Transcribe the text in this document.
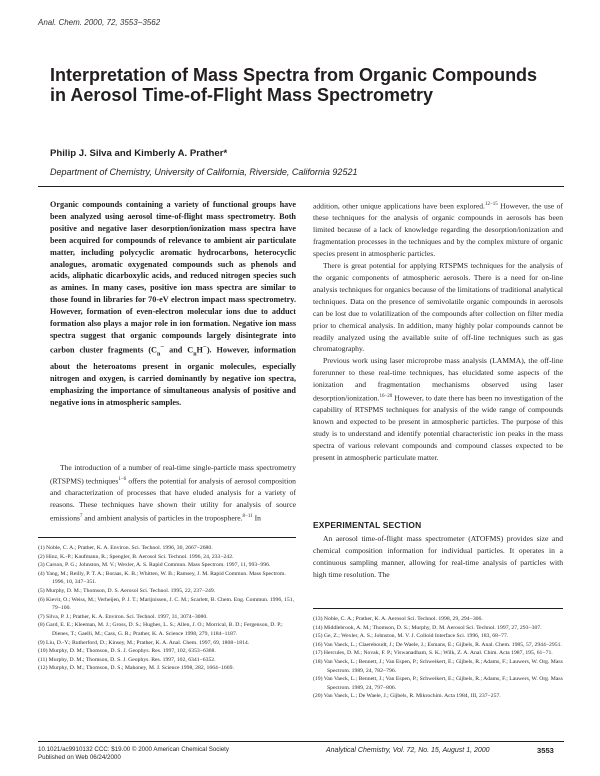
Anal. Chem. 2000, 72, 3553−3562
Interpretation of Mass Spectra from Organic Compounds in Aerosol Time-of-Flight Mass Spectrometry
Philip J. Silva and Kimberly A. Prather*
Department of Chemistry, University of California, Riverside, California 92521
Organic compounds containing a variety of functional groups have been analyzed using aerosol time-of-flight mass spectrometry. Both positive and negative laser desorption/ionization mass spectra have been acquired for compounds of relevance to ambient air particulate matter, including polycyclic aromatic hydrocarbons, heterocyclic analogues, aromatic oxygenated compounds such as phenols and acids, aliphatic dicarboxylic acids, and reduced nitrogen species such as amines. In many cases, positive ion mass spectra are similar to those found in libraries for 70-eV electron impact mass spectrometry. However, formation of even-electron molecular ions due to adduct formation also plays a major role in ion formation. Negative ion mass spectra suggest that organic compounds largely disintegrate into carbon cluster fragments ($C_n^-$ and $C_nH^-$). However, information about the heteroatoms present in organic molecules, especially nitrogen and oxygen, is carried dominantly by negative ion spectra, emphasizing the importance of simultaneous analysis of positive and negative ions in atmospheric samples.
The introduction of a number of real-time single-particle mass spectrometry (RTSPMS) techniques$^{1-6}$ offers the potential for analysis of aerosol composition and characterization of processes that have eluded analysis for a variety of reasons. These techniques have shown their utility for analysis of source emissions$^7$ and ambient analysis of particles in the troposphere.$^{8-11}$ In
(1) Noble, C. A.; Prather, K. A. Environ. Sci. Technol. 1996, 30, 2667−2680.
(2) Hinz, K.-P.; Kaufmann, R.; Spengler, B. Aerosol Sci. Technol. 1996, 24, 233−242.
(3) Carson, P. G.; Johnston, M. V.; Wexler, A. S. Rapid Commun. Mass Spectrom. 1997, 11, 993−996.
(4) Yang, M.; Reilly, P. T. A.; Boraas, K. B.; Whitten, W. B.; Ramsey, J. M. Rapid Commun. Mass Spectrom. 1996, 10, 347−351.
(5) Murphy, D. M.; Thomson, D. S. Aerosol Sci. Technol. 1995, 22, 237−249.
(6) Kievit, O.; Weiss, M.; Verheijen, P. J. T.; Marijnissen, J. C. M.; Scarlett, B. Chem. Eng. Commun. 1996, 151, 79−100.
(7) Silva, P. J.; Prather, K. A. Environ. Sci. Technol. 1997, 31, 3074−3080.
(8) Gard, E. E.; Kleeman, M. J.; Gross, D. S.; Hughes, L. S.; Allen, J. O.; Morrical, B. D.; Fergenson, D. P.; Dienes, T.; Gaelli, M.; Cass, G. R.; Prather, K. A. Science 1998, 279, 1184−1187.
(9) Liu, D.-Y.; Rutherford, D.; Kinsey, M.; Prather, K. A. Anal. Chem. 1997, 69, 1808−1814.
(10) Murphy, D. M.; Thomson, D. S. J. Geophys. Res. 1997, 102, 6353−6368.
(11) Murphy, D. M.; Thomson, D. S. J. Geophys. Res. 1997, 102, 6341−6352.
(12) Murphy, D. M.; Thomson, D. S.; Mahoney, M. J. Science 1998, 282, 1664−1669.

addition, other unique applications have been explored.$^{12-15}$ However, the use of these techniques for the analysis of organic compounds in aerosols has been limited because of a lack of knowledge regarding the desorption/ionization and fragmentation processes in the techniques and by the complex mixture of organic species present in atmospheric particles.

There is great potential for applying RTSPMS techniques for the analysis of the organic components of atmospheric aerosols. There is a need for on-line analysis techniques for organics because of the limitations of traditional analytical techniques. Data on the presence of semivolatile organic compounds in aerosols can be lost due to volatilization of the compounds after collection on filter media prior to chemical analysis. In addition, many highly polar compounds cannot be readily analyzed using the available suite of off-line techniques such as gas chromatography.

Previous work using laser microprobe mass analysis (LAMMA), the off-line forerunner to these real-time techniques, has elucidated some aspects of the ionization and fragmentation mechanisms observed using laser desorption/ionization.$^{16-20}$ However, to date there has been no investigation of the capability of RTSPMS techniques for analysis of the wide range of compounds known and expected to be present in atmospheric particles. The purpose of this study is to understand and identify potential characteristic ion peaks in the mass spectra of various relevant compounds and compound classes expected to be present in atmospheric particulate matter.

EXPERIMENTAL SECTION
An aerosol time-of-flight mass spectrometer (ATOFMS) provides size and chemical composition information for individual particles. It operates in a continuous sampling manner, allowing for real-time analysis of particles with high time resolution. The
(13) Noble, C. A.; Prather, K. A. Aerosol Sci. Technol. 1998, 29, 294−306.
(14) Middlebrook, A. M.; Thomson, D. S.; Murphy, D. M. Aerosol Sci. Technol. 1997, 27, 293−307.
(15) Ge, Z.; Wexler, A. S.; Johnston, M. V. J. Colloid Interface Sci. 1996, 183, 68−77.
(16) Van Vaeck, L.; Claereboudt, J.; De Waele, J.; Esmans, E.; Gijbels, R. Anal. Chem. 1985, 57, 2944−2951.
(17) Hercules, D. M.; Novak, F. P.; Viswanadham, S. K.; Wilk, Z. A. Anal. Chim. Acta 1987, 195, 61−71.
(18) Van Vaeck, L.; Bennett, J.; Van Espen, P.; Schweikert, E.; Gijbels, R.; Adams, F.; Lauwers, W. Org. Mass Spectrom. 1989, 24, 782−796.
(19) Van Vaeck, L.; Bennett, J.; Van Espen, P.; Schweikert, E.; Gijbels, R.; Adams, F.; Lauwers, W. Org. Mass Spectrom. 1989, 24, 797−806.
(20) Van Vaeck, L.; De Waele, J.; Gijbels, R. Mikrochim. Acta 1984, III, 237−257.
10.1021/ac9910132 CCC: $19.00 © 2000 American Chemical Society
Published on Web 06/24/2000
Analytical Chemistry, Vol. 72, No. 15, August 1, 2000	3553
